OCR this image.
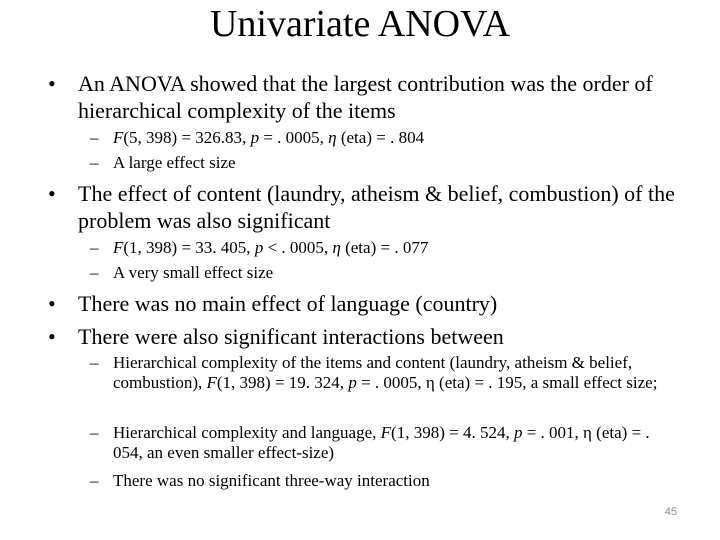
Univariate ANOVA
• An ANOVA showed that the largest contribution was the order of hierarchical complexity of the items
– F(5, 398) = 326.83, p = . 0005, η (eta) = . 804
– A large effect size
• The effect of content (laundry, atheism & belief, combustion) of the problem was also significant
– F(1, 398) = 33. 405, p < . 0005, η (eta) = . 077
– A very small effect size
• There was no main effect of language (country)
• There were also significant interactions between
– Hierarchical complexity of the items and content (laundry, atheism & belief, combustion), F(1, 398) = 19. 324, p = . 0005, η (eta) = . 195, a small effect size;
– Hierarchical complexity and language, F(1, 398) = 4. 524, p = . 001, η (eta) = . 054, an even smaller effect-size)
– There was no significant three-way interaction
45
